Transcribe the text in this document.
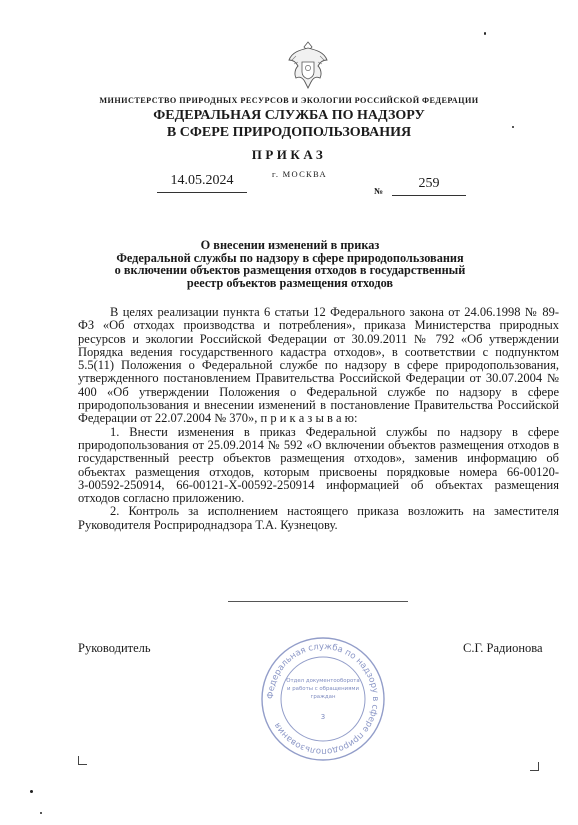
МИНИСТЕРСТВО ПРИРОДНЫХ РЕСУРСОВ И ЭКОЛОГИИ РОССИЙСКОЙ ФЕДЕРАЦИИ
ФЕДЕРАЛЬНАЯ СЛУЖБА ПО НАДЗОРУ
В СФЕРЕ ПРИРОДОПОЛЬЗОВАНИЯ
ПРИКАЗ
14.05.2024	г. МОСКВА
№	259
О внесении изменений в приказ
Федеральной службы по надзору в сфере природопользования
о включении объектов размещения отходов в государственный
реестр объектов размещения отходов

В целях реализации пункта 6 статьи 12 Федерального закона от 24.06.1998 № 89-ФЗ «Об отходах производства и потребления», приказа Министерства природных ресурсов и экологии Российской Федерации от 30.09.2011 № 792 «Об утверждении Порядка ведения государственного кадастра отходов», в соответствии с подпунктом 5.5(11) Положения о Федеральной службе по надзору в сфере природопользования, утвержденного постановлением Правительства Российской Федерации от 30.07.2004 № 400 «Об утверждении Положения о Федеральной службе по надзору в сфере природопользования и внесении изменений в постановление Правительства Российской Федерации от 22.07.2004 № 370», п р и к а з ы в а ю:

1. Внести изменения в приказ Федеральной службы по надзору в сфере природопользования от 25.09.2014 № 592 «О включении объектов размещения отходов в государственный реестр объектов размещения отходов», заменив информацию об объектах размещения отходов, которым присвоены порядковые номера 66-00120-З-00592-250914, 66-00121-Х-00592-250914 информацией об объектах размещения отходов согласно приложению.

2. Контроль за исполнением настоящего приказа возложить на заместителя Руководителя Росприроднадзора Т.А. Кузнецову.

Руководитель	С.Г. Радионова
Федеральная служба по надзору в сфере природопользования
Отдел документооборота
и работы с обращениями
граждан
3
